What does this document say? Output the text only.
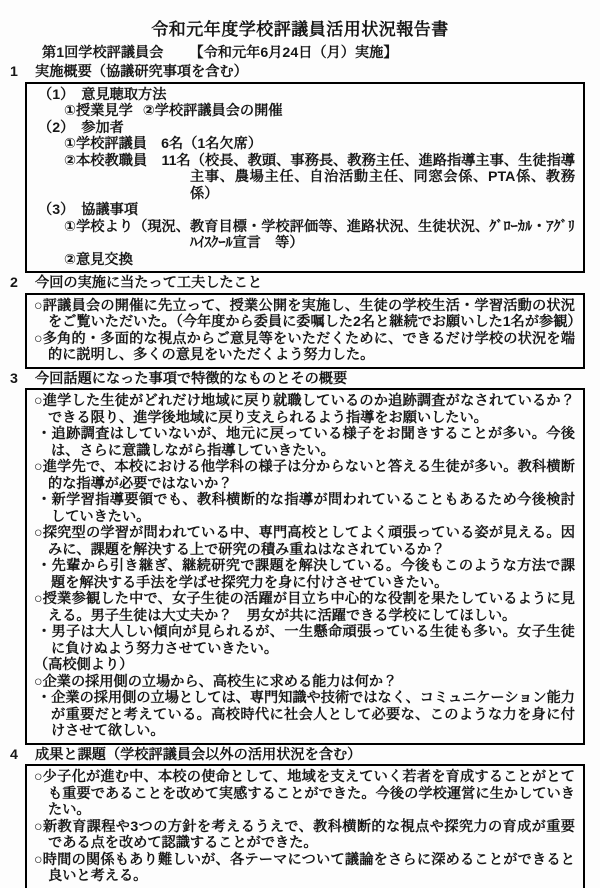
令和元年度学校評議員活用状況報告書
第1回学校評議員会 【令和元年6月24日（月）実施】
1	実施概要（協議研究事項を含む）
（1） 意見聴取方法
①授業見学 ②学校評議員会の開催
（2） 参加者
①学校評議員　6名（1名欠席）
②本校教職員　11名（校長、教頭、事務長、教務主任、進路指導主事、生徒指導主事、農場主任、自治活動主任、同窓会係、PTA係、教務係）
（3） 協議事項
①学校より（現況、教育目標・学校評価等、進路状況、生徒状況、ｸﾞﾛｰｶﾙ・ｱｸﾞﾘﾊｲｽｸｰﾙ宣言　等）
②意見交換
2	今回の実施に当たって工夫したこと
○評議員会の開催に先立って、授業公開を実施し、生徒の学校生活・学習活動の状況をご覧いただいた。（今年度から委員に委嘱した2名と継続でお願いした1名が参観）
○多角的・多面的な視点からご意見等をいただくために、できるだけ学校の状況を端的に説明し、多くの意見をいただくよう努力した。
3	今回話題になった事項で特徴的なものとその概要
○進学した生徒がどれだけ地域に戻り就職しているのか追跡調査がなされているか？できる限り、進学後地域に戻り支えられるよう指導をお願いしたい。
・追跡調査はしていないが、地元に戻っている様子をお聞きすることが多い。今後は、さらに意識しながら指導していきたい。
○進学先で、本校における他学科の様子は分からないと答える生徒が多い。教科横断的な指導が必要ではないか？
・新学習指導要領でも、教科横断的な指導が問われていることもあるため今後検討していきたい。
○探究型の学習が問われている中、専門高校としてよく頑張っている姿が見える。因みに、課題を解決する上で研究の積み重ねはなされているか？
・先輩から引き継ぎ、継続研究で課題を解決している。今後もこのような方法で課題を解決する手法を学ばせ探究力を身に付けさせていきたい。
○授業参観した中で、女子生徒の活躍が目立ち中心的な役割を果たしているように見える。男子生徒は大丈夫か？　男女が共に活躍できる学校にしてほしい。
・男子は大人しい傾向が見られるが、一生懸命頑張っている生徒も多い。女子生徒に負けぬよう努力させていきたい。
（高校側より）
○企業の採用側の立場から、高校生に求める能力は何か？
・企業の採用側の立場としては、専門知識や技術ではなく、コミュニケーション能力が重要だと考えている。高校時代に社会人として必要な、このような力を身に付けさせて欲しい。
4	成果と課題（学校評議員会以外の活用状況を含む）
○少子化が進む中、本校の使命として、地域を支えていく若者を育成することがとても重要であることを改めて実感することができた。今後の学校運営に生かしていきたい。
○新教育課程や3つの方針を考えるうえで、教科横断的な視点や探究力の育成が重要である点を改めて認識することができた。
○時間の関係もあり難しいが、各テーマについて議論をさらに深めることができると良いと考える。
